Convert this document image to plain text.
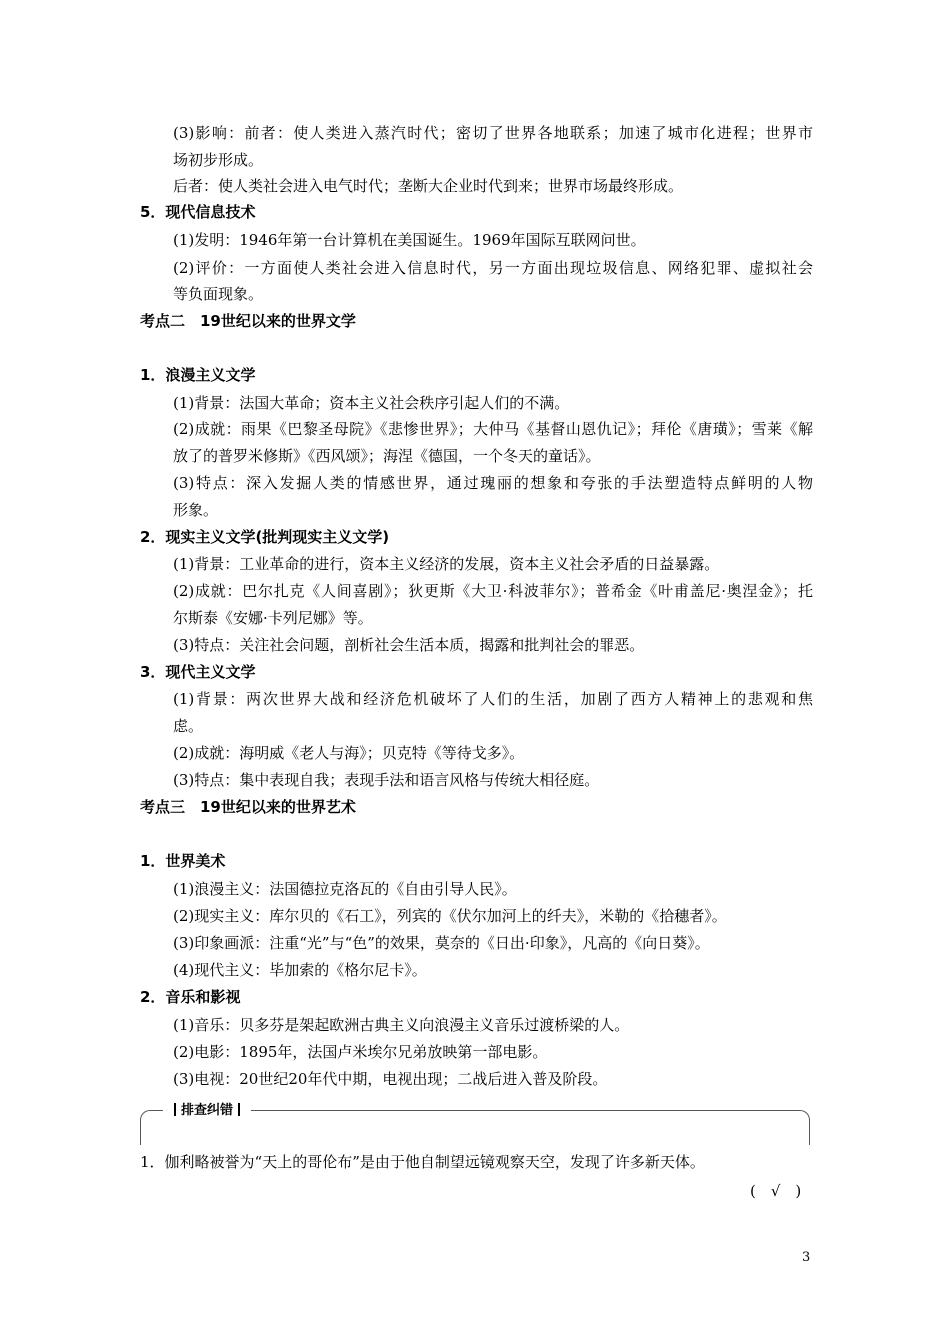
(3)影响：前者：使人类进入蒸汽时代；密切了世界各地联系；加速了城市化进程；世界市
场初步形成。
后者：使人类社会进入电气时代；垄断大企业时代到来；世界市场最终形成。
5．现代信息技术
(1)发明：1946年第一台计算机在美国诞生。1969年国际互联网问世。
(2)评价：一方面使人类社会进入信息时代，另一方面出现垃圾信息、网络犯罪、虚拟社会
等负面现象。
考点二　19世纪以来的世界文学
1．浪漫主义文学
(1)背景：法国大革命；资本主义社会秩序引起人们的不满。
(2)成就：雨果《巴黎圣母院》《悲惨世界》；大仲马《基督山恩仇记》；拜伦《唐璜》；雪莱《解
放了的普罗米修斯》《西风颂》；海涅《德国，一个冬天的童话》。
(3)特点：深入发掘人类的情感世界，通过瑰丽的想象和夸张的手法塑造特点鲜明的人物
形象。
2．现实主义文学(批判现实主义文学)
(1)背景：工业革命的进行，资本主义经济的发展，资本主义社会矛盾的日益暴露。
(2)成就：巴尔扎克《人间喜剧》；狄更斯《大卫·科波菲尔》；普希金《叶甫盖尼·奥涅金》；托
尔斯泰《安娜·卡列尼娜》等。
(3)特点：关注社会问题，剖析社会生活本质，揭露和批判社会的罪恶。
3．现代主义文学
(1)背景：两次世界大战和经济危机破坏了人们的生活，加剧了西方人精神上的悲观和焦
虑。
(2)成就：海明威《老人与海》；贝克特《等待戈多》。
(3)特点：集中表现自我；表现手法和语言风格与传统大相径庭。
考点三　19世纪以来的世界艺术
1．世界美术
(1)浪漫主义：法国德拉克洛瓦的《自由引导人民》。
(2)现实主义：库尔贝的《石工》，列宾的《伏尔加河上的纤夫》，米勒的《拾穗者》。
(3)印象画派：注重“光”与“色”的效果，莫奈的《日出·印象》，凡高的《向日葵》。
(4)现代主义：毕加索的《格尔尼卡》。
2．音乐和影视
(1)音乐：贝多芬是架起欧洲古典主义向浪漫主义音乐过渡桥梁的人。
(2)电影：1895年，法国卢米埃尔兄弟放映第一部电影。
(3)电视：20世纪20年代中期，电视出现；二战后进入普及阶段。
排查纠错
1．伽利略被誉为“天上的哥伦布”是由于他自制望远镜观察天空，发现了许多新天体。
(　√　)
3
